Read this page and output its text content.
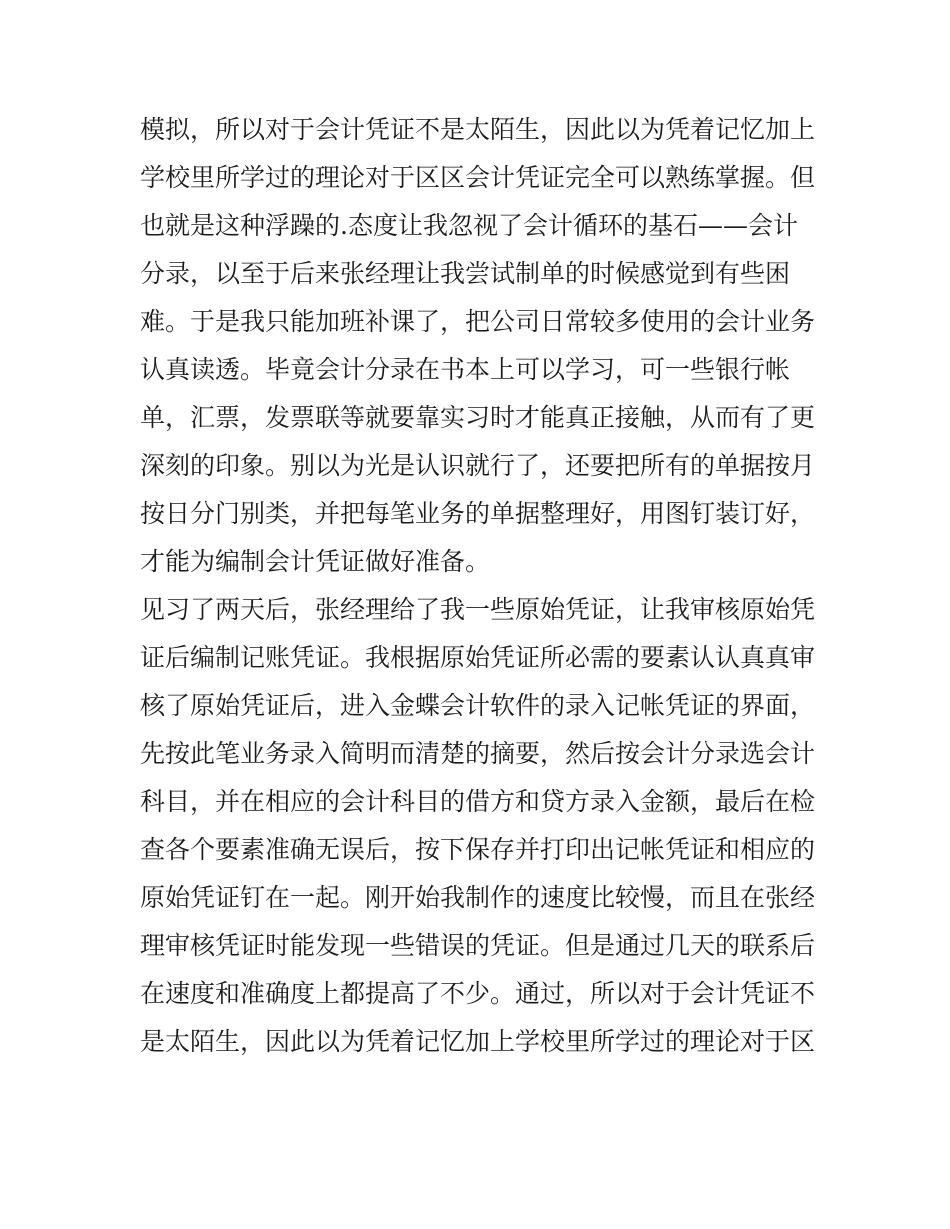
模拟，所以对于会计凭证不是太陌生，因此以为凭着记忆加上
学校里所学过的理论对于区区会计凭证完全可以熟练掌握。但
也就是这种浮躁的.态度让我忽视了会计循环的基石——会计
分录，以至于后来张经理让我尝试制单的时候感觉到有些困
难。于是我只能加班补课了，把公司日常较多使用的会计业务
认真读透。毕竟会计分录在书本上可以学习，可一些银行帐
单，汇票，发票联等就要靠实习时才能真正接触，从而有了更
深刻的印象。别以为光是认识就行了，还要把所有的单据按月
按日分门别类，并把每笔业务的单据整理好，用图钉装订好，
才能为编制会计凭证做好准备。
见习了两天后，张经理给了我一些原始凭证，让我审核原始凭
证后编制记账凭证。我根据原始凭证所必需的要素认认真真审
核了原始凭证后，进入金蝶会计软件的录入记帐凭证的界面，
先按此笔业务录入简明而清楚的摘要，然后按会计分录选会计
科目，并在相应的会计科目的借方和贷方录入金额，最后在检
查各个要素准确无误后，按下保存并打印出记帐凭证和相应的
原始凭证钉在一起。刚开始我制作的速度比较慢，而且在张经
理审核凭证时能发现一些错误的凭证。但是通过几天的联系后
在速度和准确度上都提高了不少。通过，所以对于会计凭证不
是太陌生，因此以为凭着记忆加上学校里所学过的理论对于区
